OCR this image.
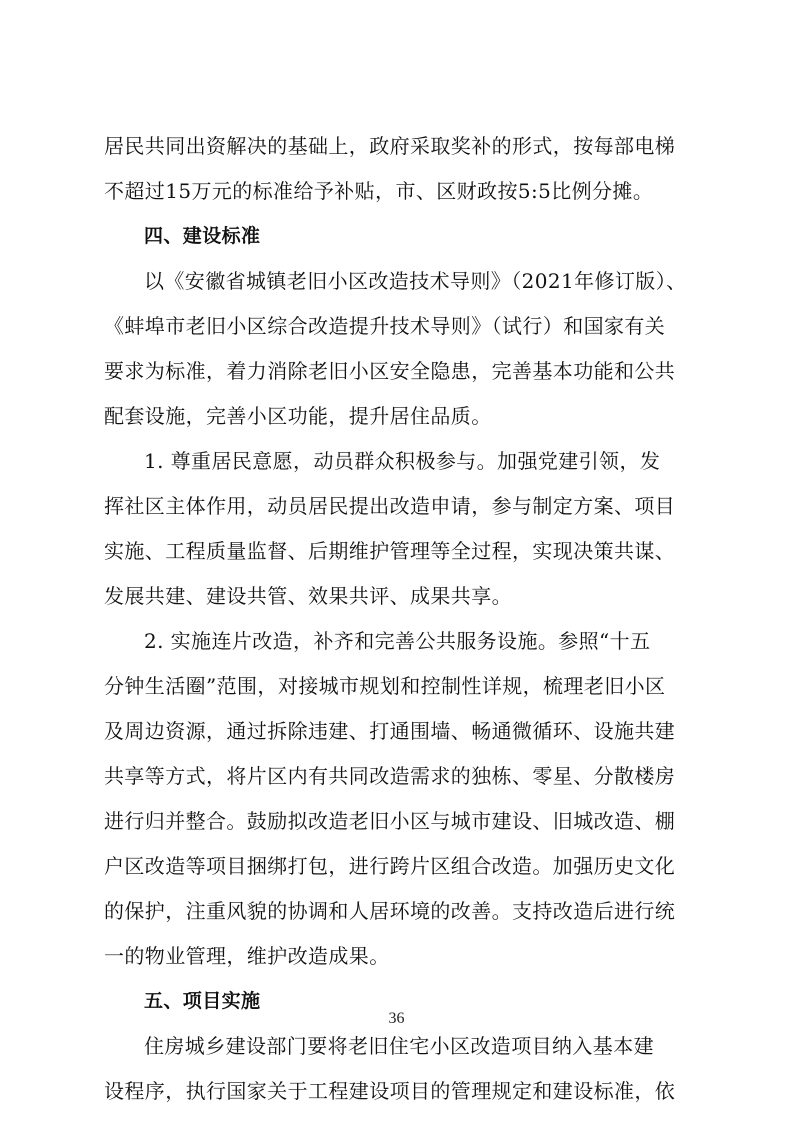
居民共同出资解决的基础上，政府采取奖补的形式，按每部电梯
不超过15万元的标准给予补贴，市、区财政按5:5比例分摊。
四、建设标准
以《安徽省城镇老旧小区改造技术导则》（2021年修订版）、
《蚌埠市老旧小区综合改造提升技术导则》（试行）和国家有关
要求为标准，着力消除老旧小区安全隐患，完善基本功能和公共
配套设施，完善小区功能，提升居住品质。
1. 尊重居民意愿，动员群众积极参与。加强党建引领，发
挥社区主体作用，动员居民提出改造申请，参与制定方案、项目
实施、工程质量监督、后期维护管理等全过程，实现决策共谋、
发展共建、建设共管、效果共评、成果共享。
2. 实施连片改造，补齐和完善公共服务设施。参照“十五
分钟生活圈”范围，对接城市规划和控制性详规，梳理老旧小区
及周边资源，通过拆除违建、打通围墙、畅通微循环、设施共建
共享等方式，将片区内有共同改造需求的独栋、零星、分散楼房
进行归并整合。鼓励拟改造老旧小区与城市建设、旧城改造、棚
户区改造等项目捆绑打包，进行跨片区组合改造。加强历史文化
的保护，注重风貌的协调和人居环境的改善。支持改造后进行统
一的物业管理，维护改造成果。
五、项目实施
住房城乡建设部门要将老旧住宅小区改造项目纳入基本建
设程序，执行国家关于工程建设项目的管理规定和建设标准，依
36
